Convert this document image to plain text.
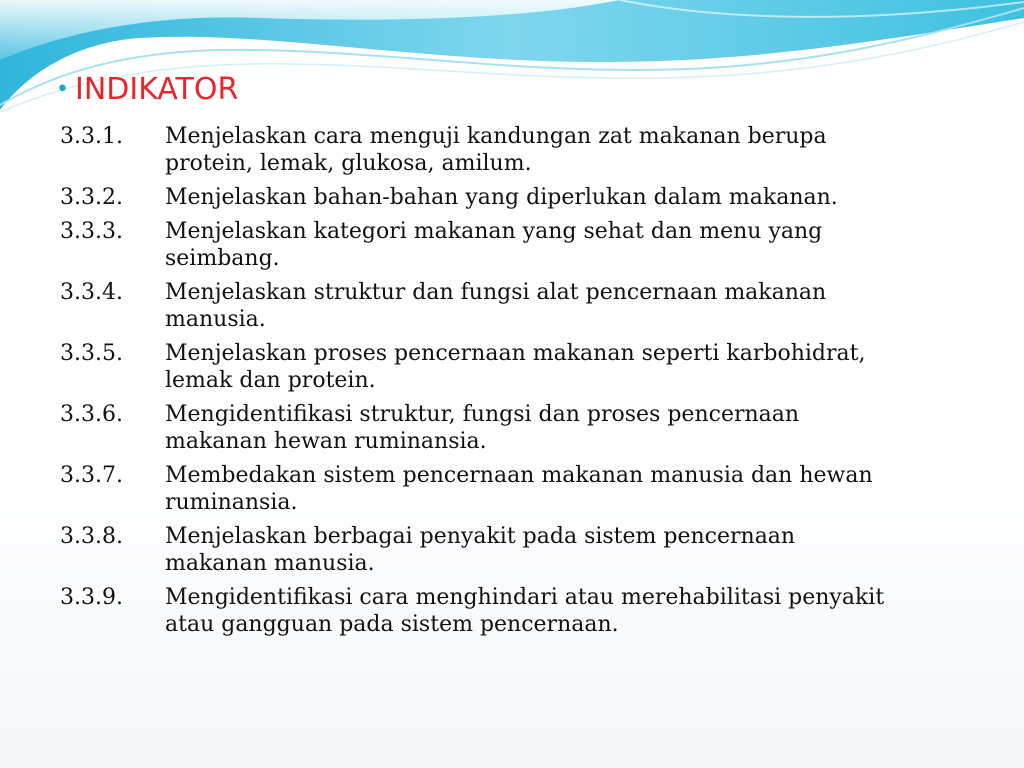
• INDIKATOR
3.3.1.	Menjelaskan cara menguji kandungan zat makanan berupa
protein, lemak, glukosa, amilum.
3.3.2.	Menjelaskan bahan-bahan yang diperlukan dalam makanan.
3.3.3.	Menjelaskan kategori makanan yang sehat dan menu yang
seimbang.
3.3.4.	Menjelaskan struktur dan fungsi alat pencernaan makanan
manusia.
3.3.5.	Menjelaskan proses pencernaan makanan seperti karbohidrat,
lemak dan protein.
3.3.6.	Mengidentifikasi struktur, fungsi dan proses pencernaan
makanan hewan ruminansia.
3.3.7.	Membedakan sistem pencernaan makanan manusia dan hewan
ruminansia.
3.3.8.	Menjelaskan berbagai penyakit pada sistem pencernaan
makanan manusia.
3.3.9.	Mengidentifikasi cara menghindari atau merehabilitasi penyakit
atau gangguan pada sistem pencernaan.
